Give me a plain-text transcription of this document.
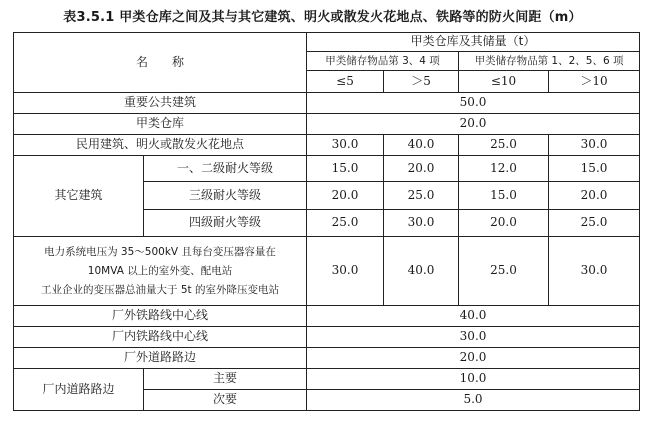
表3.5.1 甲类仓库之间及其与其它建筑、明火或散发火花地点、铁路等的防火间距（m）
名　　称		甲类仓库及其储量（t）			
		甲类储存物品第 3、4 项		甲类储存物品第 1、2、5、6 项	
		≤5	＞5	≤10	＞10
重要公共建筑		50.0			
甲类仓库		20.0			
民用建筑、明火或散发火花地点		30.0	40.0	25.0	30.0
其它建筑	一、二级耐火等级	15.0	20.0	12.0	15.0
	三级耐火等级	20.0	25.0	15.0	20.0
	四级耐火等级	25.0	30.0	20.0	25.0

电力系统电压为 35～500kV 且每台变压器容量在
10MVA 以上的室外变、配电站
工业企业的变压器总油量大于 5t 的室外降压变电站		30.0	40.0	25.0	30.0
厂外铁路线中心线		40.0			
厂内铁路线中心线		30.0			
厂外道路路边		20.0			
厂内道路路边	主要	10.0			
	次要	5.0			
